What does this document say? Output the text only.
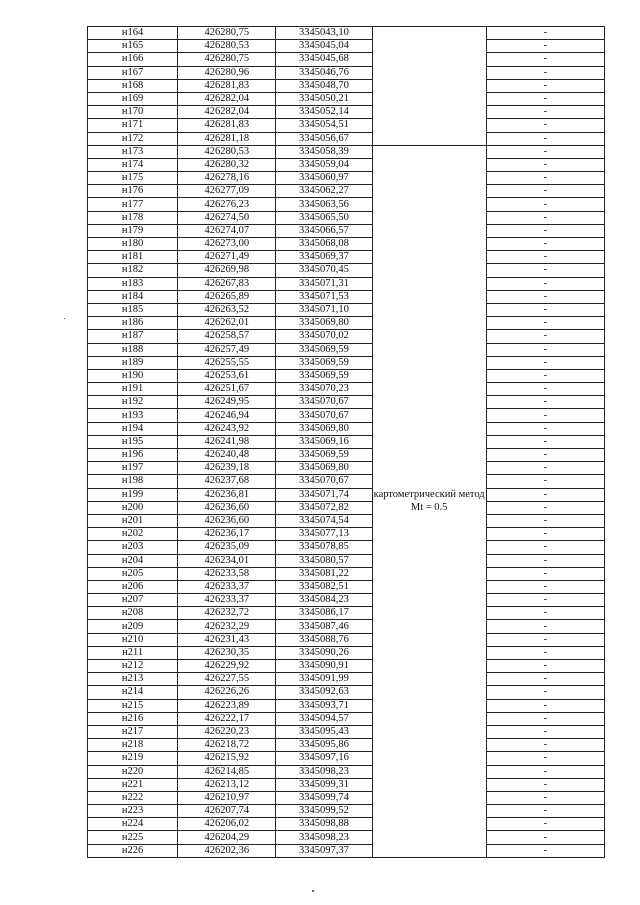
н164	426280,75	3345043,10		-
н165	426280,53	3345045,04		-
н166	426280,75	3345045,68		-
н167	426280,96	3345046,76		-
н168	426281,83	3345048,70		-
н169	426282,04	3345050,21		-
н170	426282,04	3345052,14		-
н171	426281,83	3345054,51		-
н172	426281,18	3345056,67		-
н173	426280,53	3345058,39	картометрический метод Mt = 0.5	-
н174	426280,32	3345059,04		-
н175	426278,16	3345060,97		-
н176	426277,09	3345062,27		-
н177	426276,23	3345063,56		-
н178	426274,50	3345065,50		-
н179	426274,07	3345066,57		-
н180	426273,00	3345068,08		-
н181	426271,49	3345069,37		-
н182	426269,98	3345070,45		-
н183	426267,83	3345071,31		-
н184	426265,89	3345071,53		-
н185	426263,52	3345071,10		-
н186	426262,01	3345069,80		-
н187	426258,57	3345070,02		-
н188	426257,49	3345069,59		-
н189	426255,55	3345069,59		-
н190	426253,61	3345069,59		-
н191	426251,67	3345070,23		-
н192	426249,95	3345070,67		-
н193	426246,94	3345070,67		-
н194	426243,92	3345069,80		-
н195	426241,98	3345069,16		-
н196	426240,48	3345069,59		-
н197	426239,18	3345069,80		-
н198	426237,68	3345070,67		-
н199	426236,81	3345071,74		-
н200	426236,60	3345072,82		-
н201	426236,60	3345074,54		-
н202	426236,17	3345077,13		-
н203	426235,09	3345078,85		-
н204	426234,01	3345080,57		-
н205	426233,58	3345081,22		-
н206	426233,37	3345082,51		-
н207	426233,37	3345084,23		-
н208	426232,72	3345086,17		-
н209	426232,29	3345087,46		-
н210	426231,43	3345088,76		-
н211	426230,35	3345090,26		-
н212	426229,92	3345090,91		-
н213	426227,55	3345091,99		-
н214	426226,26	3345092,63		-
н215	426223,89	3345093,71		-
н216	426222,17	3345094,57		-
н217	426220,23	3345095,43		-
н218	426218,72	3345095,86		-
н219	426215,92	3345097,16		-
н220	426214,85	3345098,23		-
н221	426213,12	3345099,31		-
н222	426210,97	3345099,74		-
н223	426207,74	3345099,52		-
н224	426206,02	3345098,88		-
н225	426204,29	3345098,23		-
н226	426202,36	3345097,37		-
